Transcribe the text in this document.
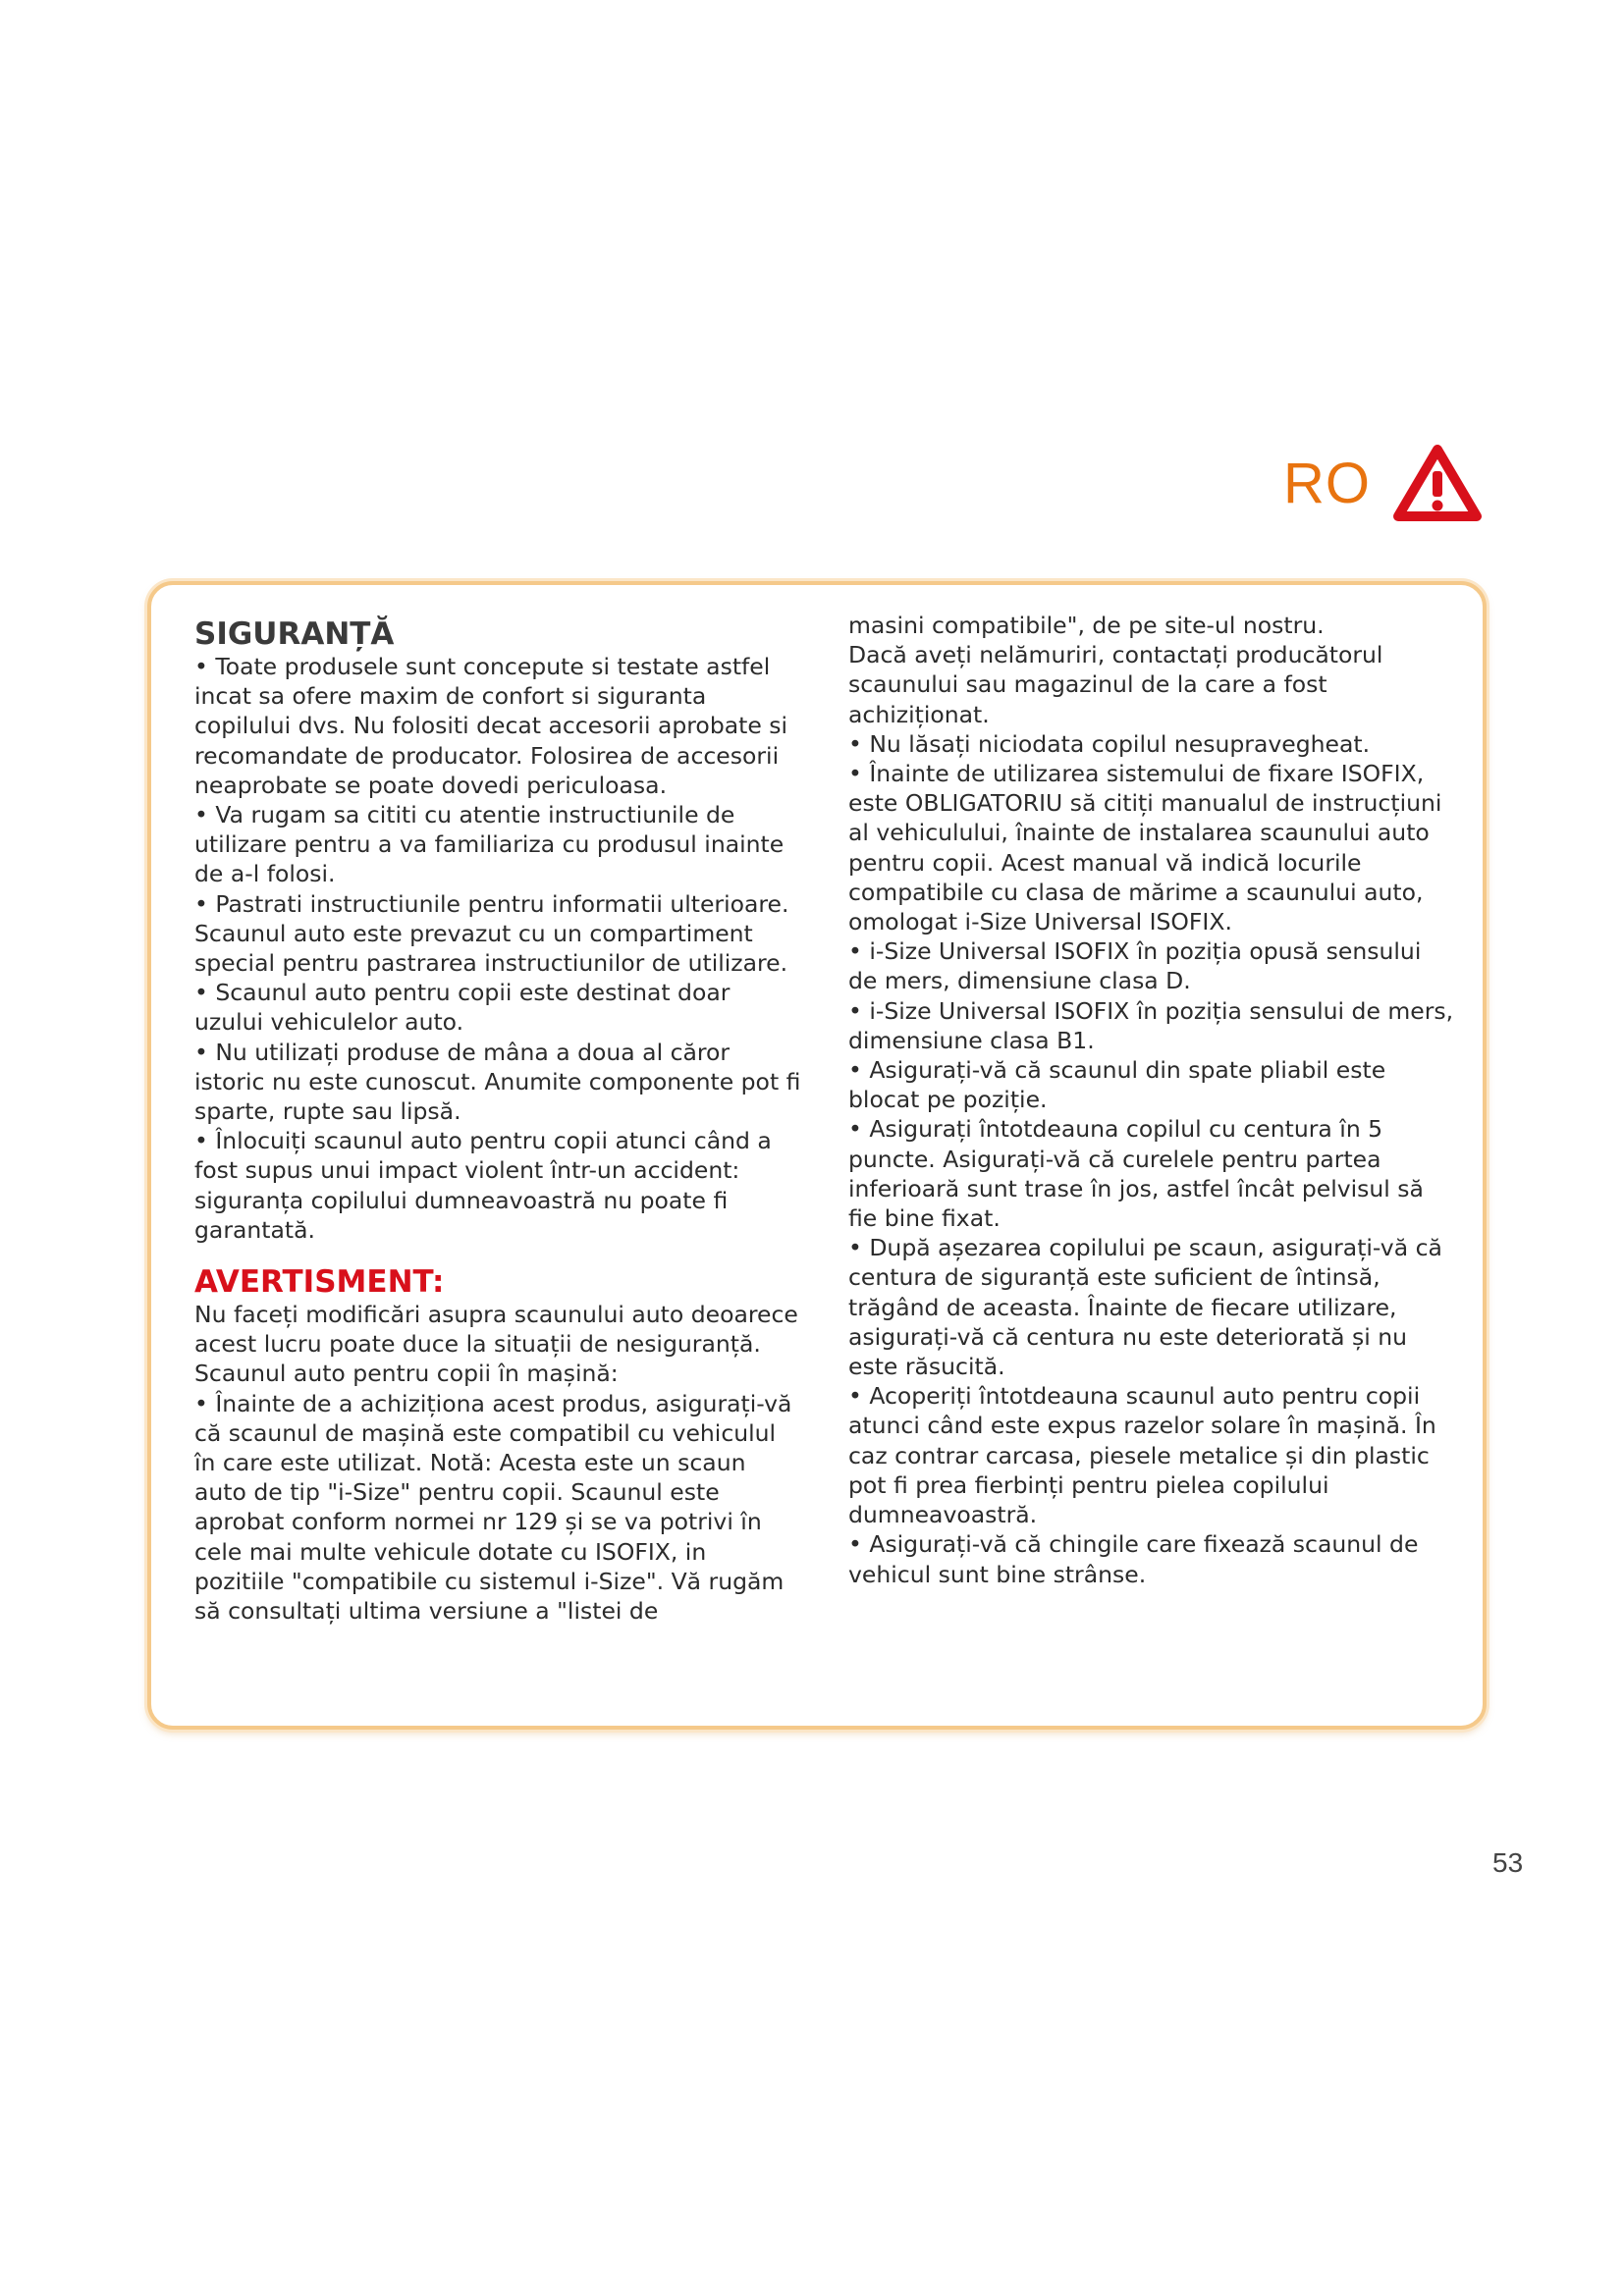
RO
SIGURANȚĂ

• Toate produsele sunt concepute si testate astfel incat sa ofere maxim de confort si siguranta copilului dvs. Nu folositi decat accesorii aprobate si recomandate de producator. Folosirea de accesorii neaprobate se poate dovedi periculoasa.

• Va rugam sa cititi cu atentie instructiunile de utilizare pentru a va familiariza cu produsul inainte de a-l folosi.

• Pastrati instructiunile pentru informatii ulterioare. Scaunul auto este prevazut cu un compartiment special pentru pastrarea instructiunilor de utilizare.

• Scaunul auto pentru copii este destinat doar uzului vehiculelor auto.

• Nu utilizați produse de mâna a doua al căror istoric nu este cunoscut. Anumite componente pot fi sparte, rupte sau lipsă.

• Înlocuiți scaunul auto pentru copii atunci când a fost supus unui impact violent într-un accident: siguranța copilului dumneavoastră nu poate fi garantată.

AVERTISMENT:

Nu faceți modificări asupra scaunului auto deoarece acest lucru poate duce la situații de nesiguranță.

Scaunul auto pentru copii în mașină:

• Înainte de a achiziționa acest produs, asigurați-vă că scaunul de mașină este compatibil cu vehiculul în care este utilizat. Notă: Acesta este un scaun auto de tip "i-Size" pentru copii. Scaunul este aprobat conform normei nr 129 și se va potrivi în cele mai multe vehicule dotate cu ISOFIX, in pozitiile "compatibile cu sistemul i-Size". Vă rugăm să consultați ultima versiune a "listei de

masini compatibile", de pe site-ul nostru.

Dacă aveți nelămuriri, contactați producătorul scaunului sau magazinul de la care a fost achiziționat.

• Nu lăsați niciodata copilul nesupravegheat.

• Înainte de utilizarea sistemului de fixare ISOFIX, este OBLIGATORIU să citiți manualul de instrucțiuni al vehiculului, înainte de instalarea scaunului auto pentru copii. Acest manual vă indică locurile compatibile cu clasa de mărime a scaunului auto, omologat i-Size Universal ISOFIX.

• i-Size Universal ISOFIX în poziția opusă sensului de mers, dimensiune clasa D.

• i-Size Universal ISOFIX în poziția sensului de mers, dimensiune clasa B1.

• Asigurați-vă că scaunul din spate pliabil este blocat pe poziție.

• Asigurați întotdeauna copilul cu centura în 5 puncte. Asigurați-vă că curelele pentru partea inferioară sunt trase în jos, astfel încât pelvisul să fie bine fixat.

• După așezarea copilului pe scaun, asigurați-vă că centura de siguranță este suficient de întinsă, trăgând de aceasta. Înainte de fiecare utilizare, asigurați-vă că centura nu este deteriorată și nu este răsucită.

• Acoperiți întotdeauna scaunul auto pentru copii atunci când este expus razelor solare în mașină. În caz contrar carcasa, piesele metalice și din plastic pot fi prea fierbinți pentru pielea copilului dumneavoastră.

• Asigurați-vă că chingile care fixează scaunul de vehicul sunt bine strânse.

53
